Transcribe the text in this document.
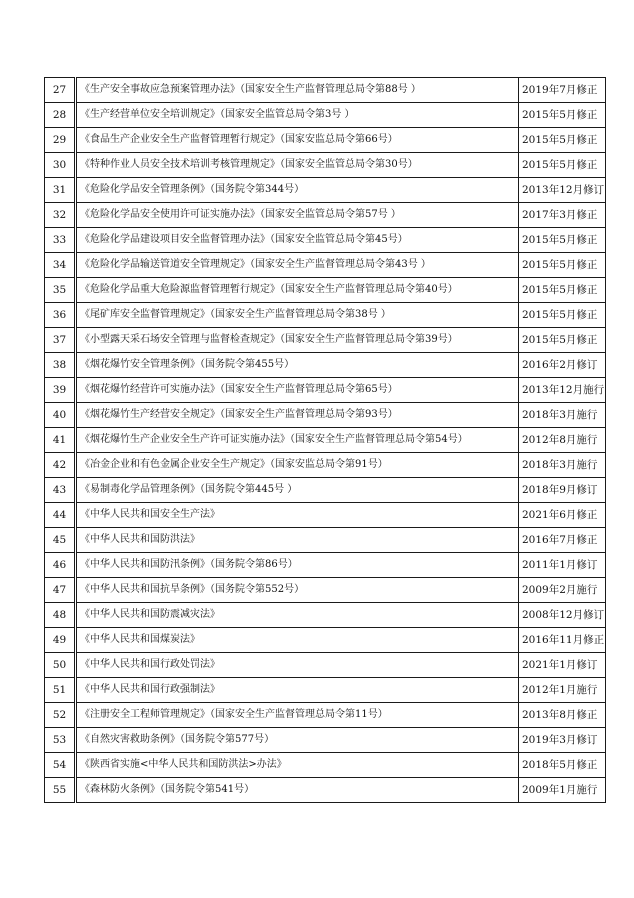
27	《生产安全事故应急预案管理办法》（国家安全生产监督管理总局令第88号 ）	2019年7月修正
28	《生产经营单位安全培训规定》（国家安全监管总局令第3号 ）	2015年5月修正
29	《食品生产企业安全生产监督管理暂行规定》（国家安监总局令第66号）	2015年5月修正
30	《特种作业人员安全技术培训考核管理规定》（国家安全监管总局令第30号）	2015年5月修正
31	《危险化学品安全管理条例》（国务院令第344号）	2013年12月修订
32	《危险化学品安全使用许可证实施办法》（国家安全监管总局令第57号 ）	2017年3月修正
33	《危险化学品建设项目安全监督管理办法》（国家安全监管总局令第45号）	2015年5月修正
34	《危险化学品输送管道安全管理规定》（国家安全生产监督管理总局令第43号 ）	2015年5月修正
35	《危险化学品重大危险源监督管理暂行规定》（国家安全生产监督管理总局令第40号）	2015年5月修正
36	《尾矿库安全监督管理规定》（国家安全生产监督管理总局令第38号 ）	2015年5月修正
37	《小型露天采石场安全管理与监督检查规定》（国家安全生产监督管理总局令第39号）	2015年5月修正
38	《烟花爆竹安全管理条例》（国务院令第455号）	2016年2月修订
39	《烟花爆竹经营许可实施办法》（国家安全生产监督管理总局令第65号）	2013年12月施行
40	《烟花爆竹生产经营安全规定》（国家安全生产监督管理总局令第93号）	2018年3月施行
41	《烟花爆竹生产企业安全生产许可证实施办法》（国家安全生产监督管理总局令第54号）	2012年8月施行
42	《冶金企业和有色金属企业安全生产规定》（国家安监总局令第91号）	2018年3月施行
43	《易制毒化学品管理条例》（国务院令第445号 ）	2018年9月修订
44	《中华人民共和国安全生产法》	2021年6月修正
45	《中华人民共和国防洪法》	2016年7月修正
46	《中华人民共和国防汛条例》（国务院令第86号）	2011年1月修订
47	《中华人民共和国抗旱条例》（国务院令第552号）	2009年2月施行
48	《中华人民共和国防震减灾法》	2008年12月修订
49	《中华人民共和国煤炭法》	2016年11月修正
50	《中华人民共和国行政处罚法》	2021年1月修订
51	《中华人民共和国行政强制法》	2012年1月施行
52	《注册安全工程师管理规定》（国家安全生产监督管理总局令第11号）	2013年8月修正
53	《自然灾害救助条例》（国务院令第577号）	2019年3月修订
54	《陕西省实施<中华人民共和国防洪法>办法》	2018年5月修正
55	《森林防火条例》（国务院令第541号）	2009年1月施行
